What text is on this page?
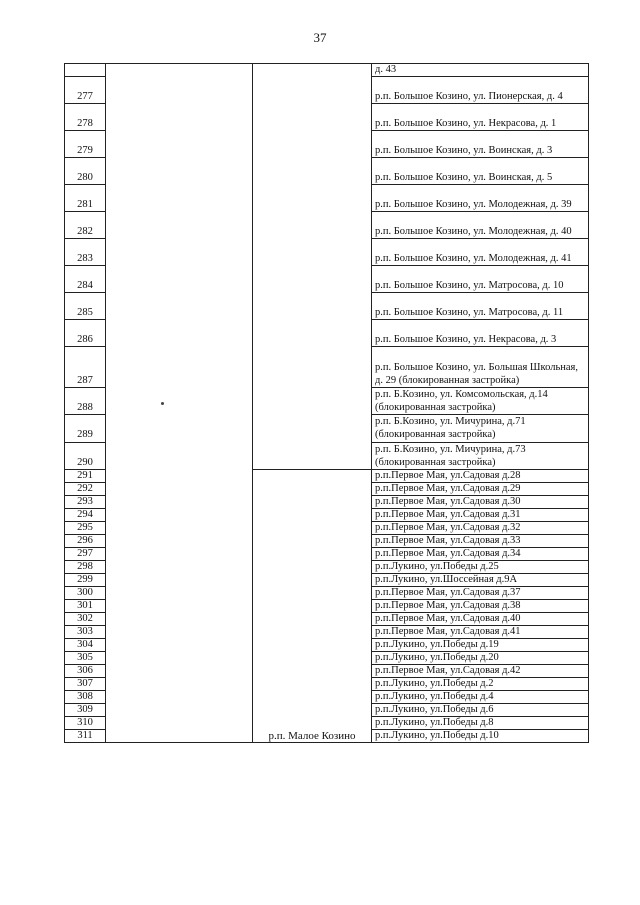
37
			д. 43
277			р.п. Большое Козино, ул. Пионерская, д. 4
278			р.п. Большое Козино, ул. Некрасова, д. 1
279			р.п. Большое Козино, ул. Воинская, д. 3
280			р.п. Большое Козино, ул. Воинская, д. 5
281			р.п. Большое Козино, ул. Молодежная, д. 39
282			р.п. Большое Козино, ул. Молодежная, д. 40
283			р.п. Большое Козино, ул. Молодежная, д. 41
284			р.п. Большое Козино, ул. Матросова, д. 10
285			р.п. Большое Козино, ул. Матросова, д. 11
286			р.п. Большое Козино, ул. Некрасова, д. 3
287			р.п. Большое Козино, ул. Большая Школьная, д. 29 (блокированная застройка)
288			р.п. Б.Козино, ул. Комсомольская, д.14 (блокированная застройка)
289			р.п. Б.Козино, ул. Мичурина, д.71 (блокированная застройка)
290			р.п. Б.Козино, ул. Мичурина, д.73 (блокированная застройка)
291		р.п. Малое Козино	р.п.Первое Мая, ул.Садовая д.28
292			р.п.Первое Мая, ул.Садовая д.29
293			р.п.Первое Мая, ул.Садовая д.30
294			р.п.Первое Мая, ул.Садовая д.31
295			р.п.Первое Мая, ул.Садовая д.32
296			р.п.Первое Мая, ул.Садовая д.33
297			р.п.Первое Мая, ул.Садовая д.34
298			р.п.Лукино, ул.Победы д.25
299			р.п.Лукино, ул.Шоссейная д.9А
300			р.п.Первое Мая, ул.Садовая д.37
301			р.п.Первое Мая, ул.Садовая д.38
302			р.п.Первое Мая, ул.Садовая д.40
303			р.п.Первое Мая, ул.Садовая д.41
304			р.п.Лукино, ул.Победы д.19
305			р.п.Лукино, ул.Победы д.20
306			р.п.Первое Мая, ул.Садовая д.42
307			р.п.Лукино, ул.Победы д.2
308			р.п.Лукино, ул.Победы д.4
309			р.п.Лукино, ул.Победы д.6
310			р.п.Лукино, ул.Победы д.8
311			р.п.Лукино, ул.Победы д.10
